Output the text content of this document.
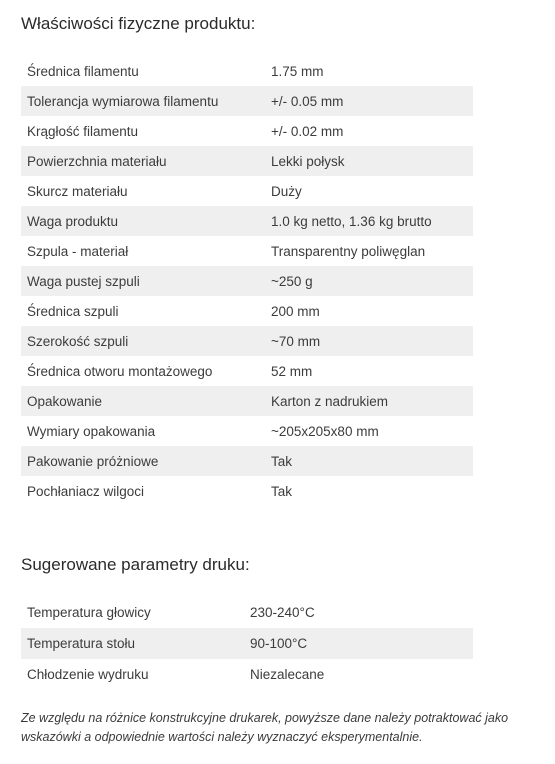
Właściwości fizyczne produktu:
Średnica filamentu	1.75 mm
Tolerancja wymiarowa filamentu	+/- 0.05 mm
Krągłość filamentu	+/- 0.02 mm
Powierzchnia materiału	Lekki połysk
Skurcz materiału	Duży
Waga produktu	1.0 kg netto, 1.36 kg brutto
Szpula - materiał	Transparentny poliwęglan
Waga pustej szpuli	~250 g
Średnica szpuli	200 mm
Szerokość szpuli	~70 mm
Średnica otworu montażowego	52 mm
Opakowanie	Karton z nadrukiem
Wymiary opakowania	~205x205x80 mm
Pakowanie próżniowe	Tak
Pochłaniacz wilgoci	Tak
Sugerowane parametry druku:
Temperatura głowicy	230-240°C
Temperatura stołu	90-100°C
Chłodzenie wydruku	Niezalecane

Ze względu na różnice konstrukcyjne drukarek, powyższe dane należy potraktować jako wskazówki a odpowiednie wartości należy wyznaczyć eksperymentalnie.
